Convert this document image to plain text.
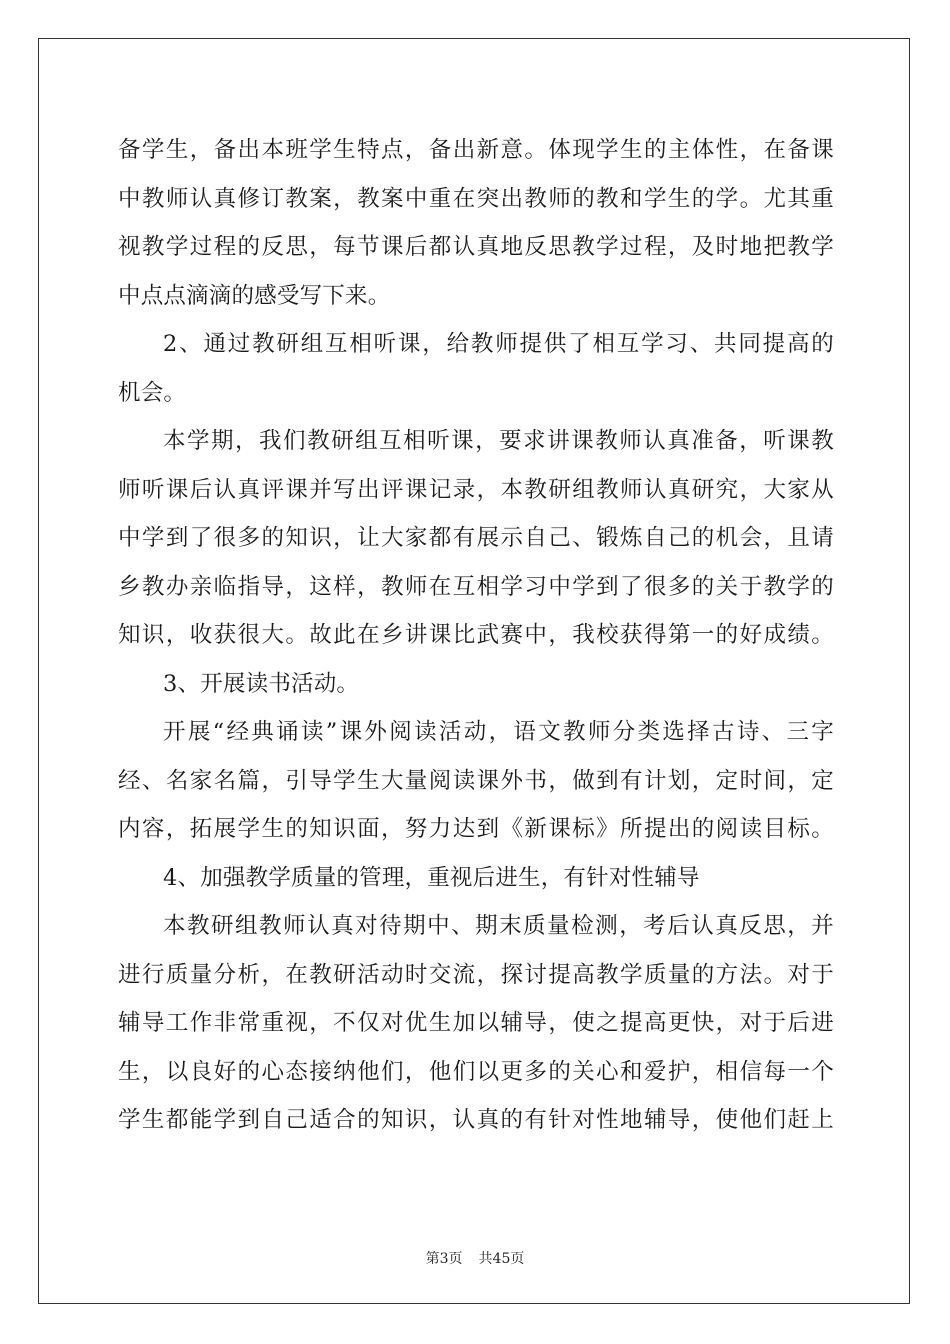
备学生，备出本班学生特点，备出新意。体现学生的主体性，在备课
中教师认真修订教案，教案中重在突出教师的教和学生的学。尤其重
视教学过程的反思，每节课后都认真地反思教学过程，及时地把教学
中点点滴滴的感受写下来。
2、通过教研组互相听课，给教师提供了相互学习、共同提高的
机会。
本学期，我们教研组互相听课，要求讲课教师认真准备，听课教
师听课后认真评课并写出评课记录，本教研组教师认真研究，大家从
中学到了很多的知识，让大家都有展示自己、锻炼自己的机会，且请
乡教办亲临指导，这样，教师在互相学习中学到了很多的关于教学的
知识，收获很大。故此在乡讲课比武赛中，我校获得第一的好成绩。
3、开展读书活动。
开展“经典诵读”课外阅读活动，语文教师分类选择古诗、三字
经、名家名篇，引导学生大量阅读课外书，做到有计划，定时间，定
内容，拓展学生的知识面，努力达到《新课标》所提出的阅读目标。
4、加强教学质量的管理，重视后进生，有针对性辅导
本教研组教师认真对待期中、期末质量检测，考后认真反思，并
进行质量分析，在教研活动时交流，探讨提高教学质量的方法。对于
辅导工作非常重视，不仅对优生加以辅导，使之提高更快，对于后进
生，以良好的心态接纳他们，他们以更多的关心和爱护，相信每一个
学生都能学到自己适合的知识，认真的有针对性地辅导，使他们赶上
第3页 共45页
